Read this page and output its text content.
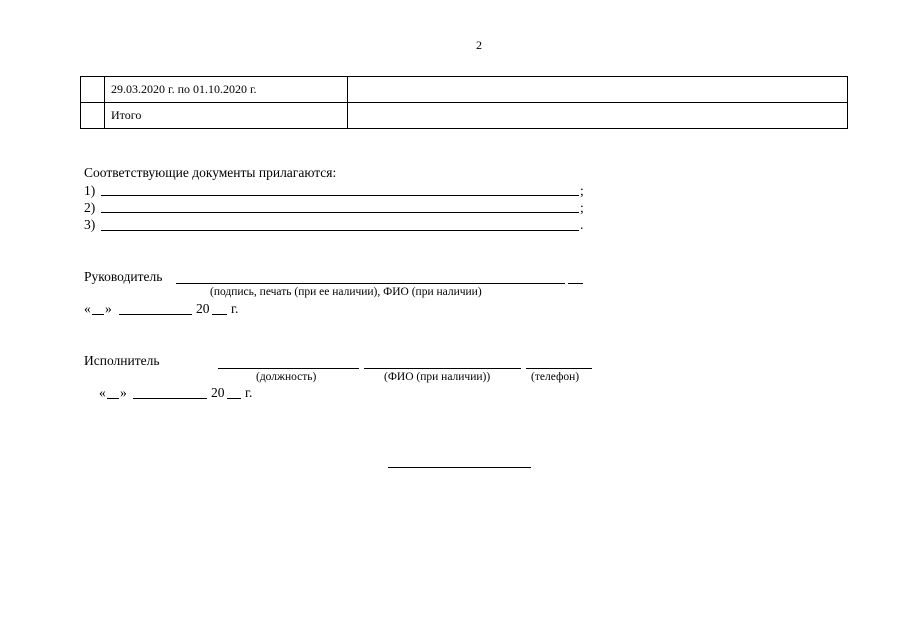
2
	29.03.2020 г. по 01.10.2020 г.	
	Итого	
Соответствующие документы прилагаются:
1)	;
2)	;
3)	.
Руководитель
(подпись, печать (при ее наличии), ФИО (при наличии)
« »	20 г.
Исполнитель
(должность)	(ФИО (при наличии))	(телефон)
« »	20 г.
